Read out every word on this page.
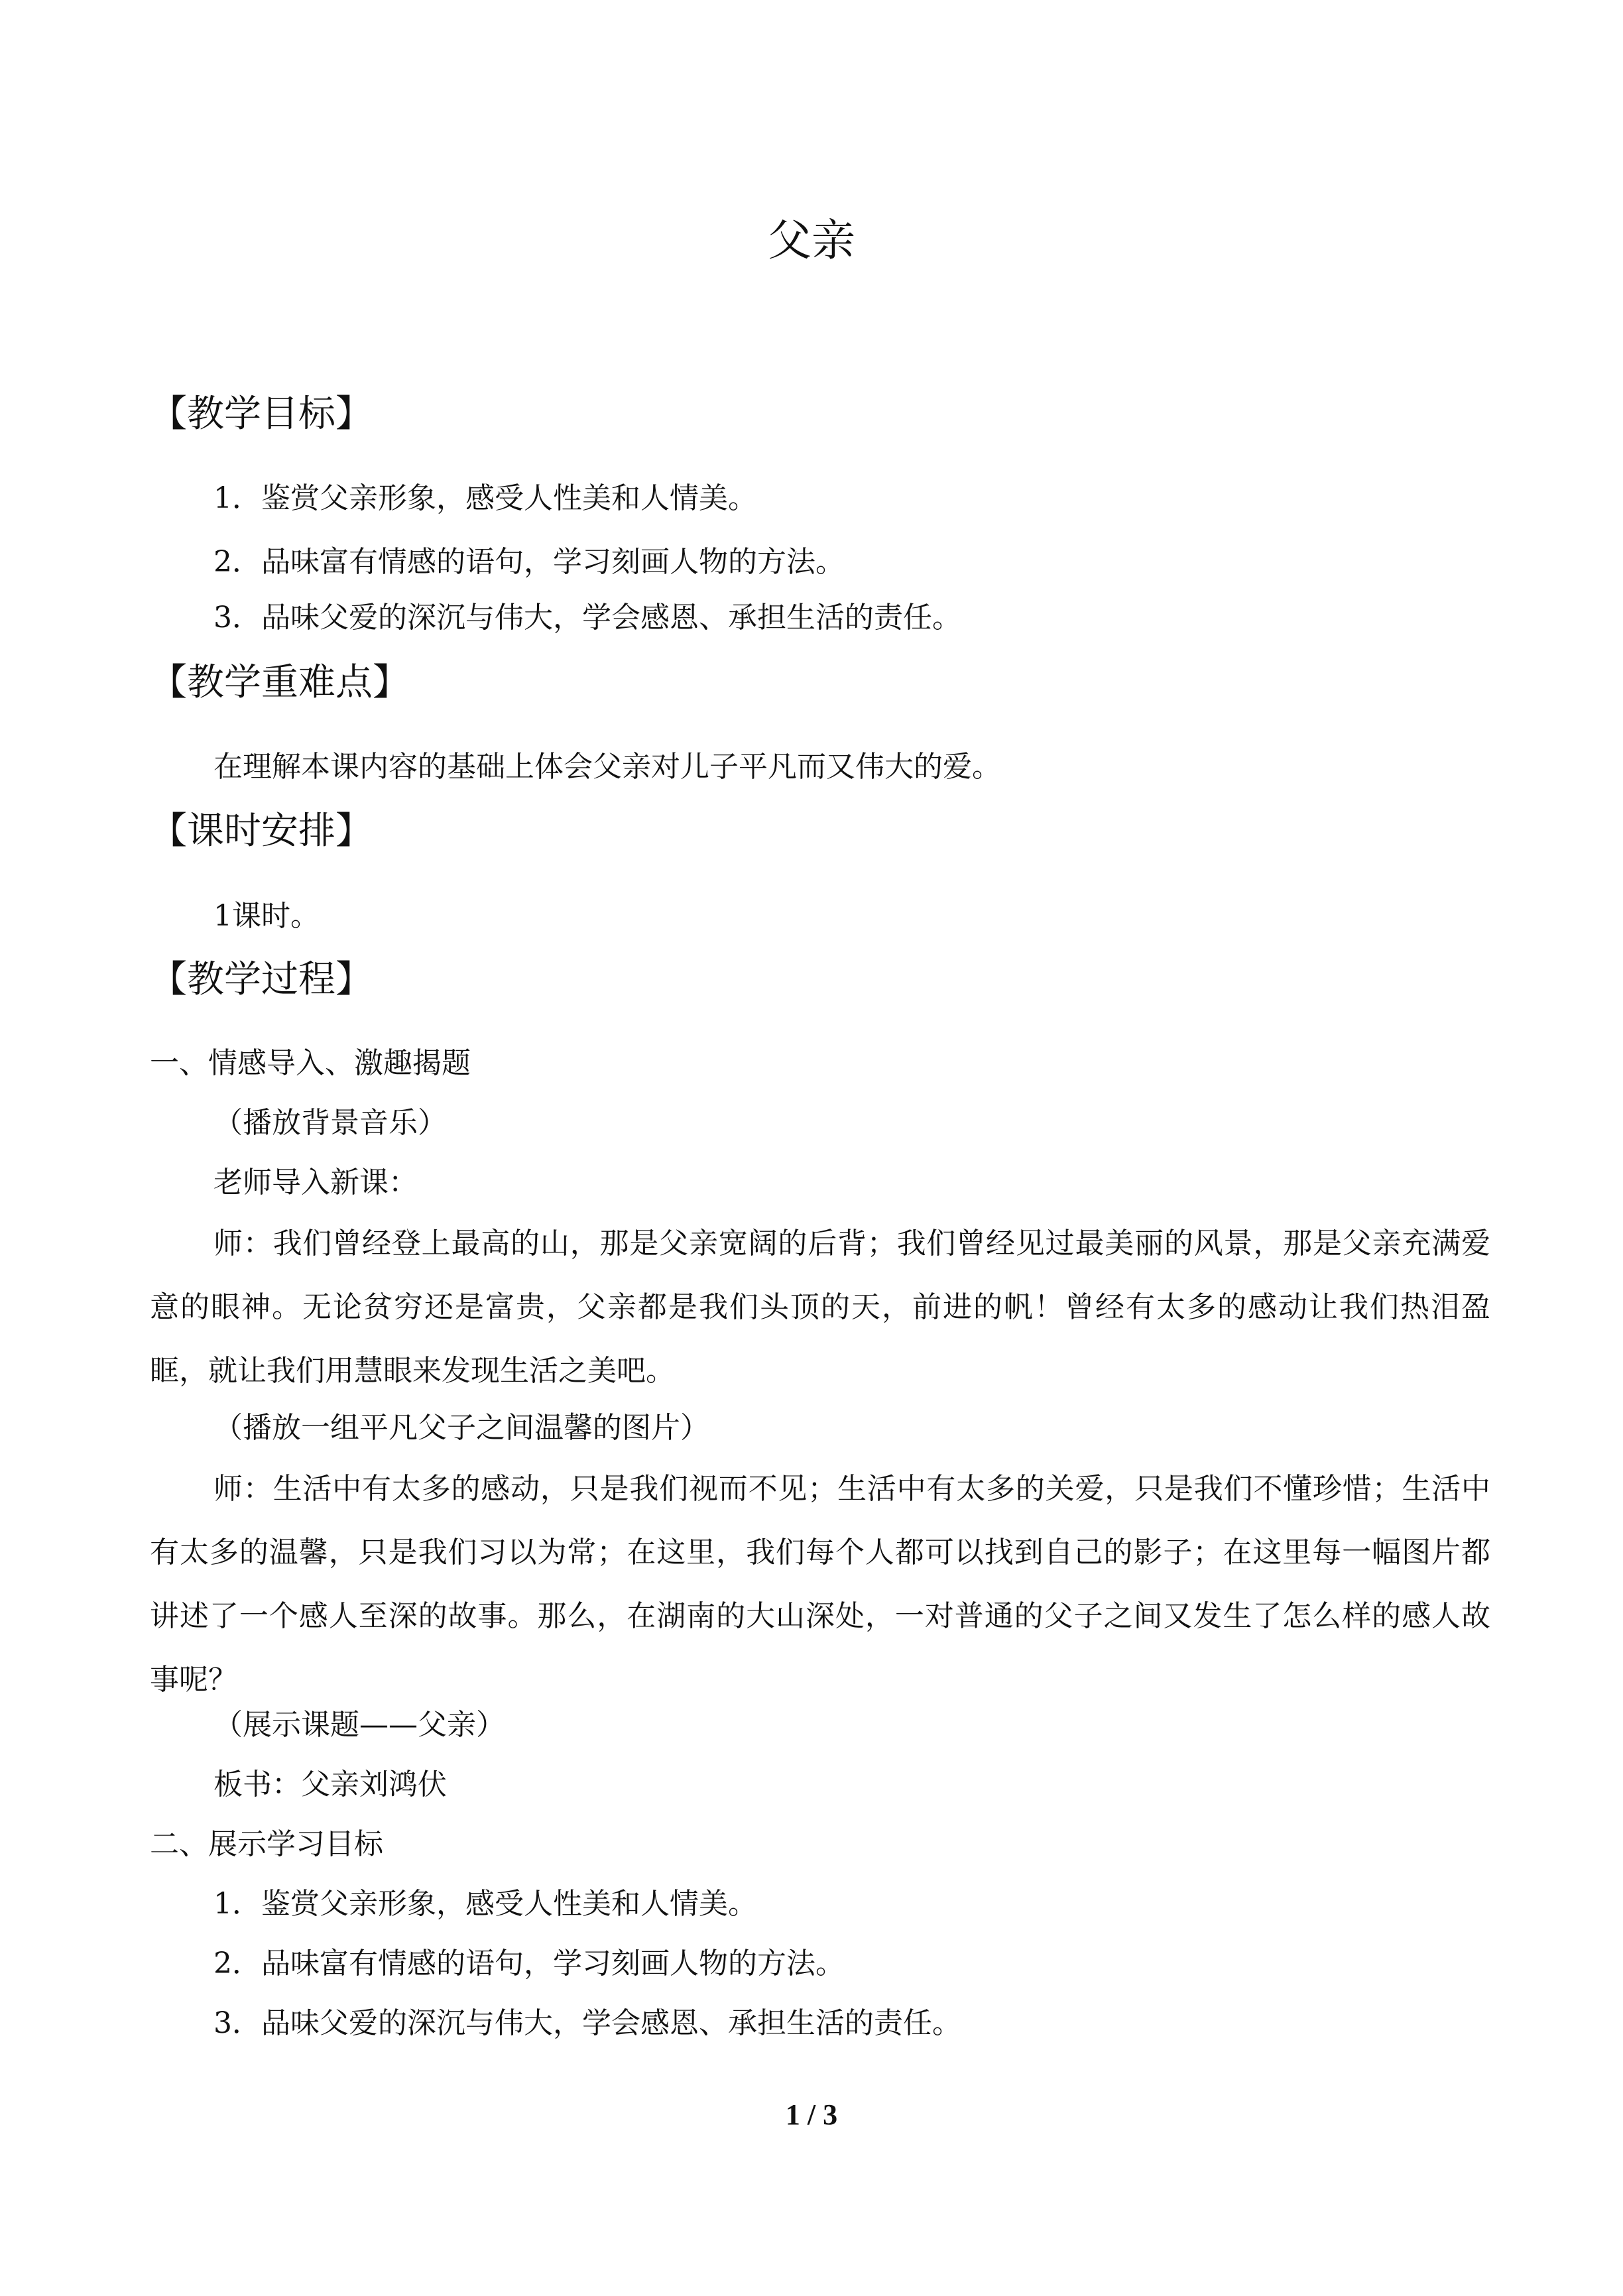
父亲
【教学目标】

1．鉴赏父亲形象，感受人性美和人情美。

2．品味富有情感的语句，学习刻画人物的方法。

3．品味父爱的深沉与伟大，学会感恩、承担生活的责任。

【教学重难点】

在理解本课内容的基础上体会父亲对儿子平凡而又伟大的爱。

【课时安排】

1课时。

【教学过程】

一、情感导入、激趣揭题

（播放背景音乐）

老师导入新课：

师：我们曾经登上最高的山，那是父亲宽阔的后背；我们曾经见过最美丽的风景，那是父亲充满爱意的眼神。无论贫穷还是富贵，父亲都是我们头顶的天，前进的帆！曾经有太多的感动让我们热泪盈眶，就让我们用慧眼来发现生活之美吧。

（播放一组平凡父子之间温馨的图片）

师：生活中有太多的感动，只是我们视而不见；生活中有太多的关爱，只是我们不懂珍惜；生活中有太多的温馨，只是我们习以为常；在这里，我们每个人都可以找到自己的影子；在这里每一幅图片都讲述了一个感人至深的故事。那么，在湖南的大山深处，一对普通的父子之间又发生了怎么样的感人故事呢？

（展示课题——父亲）

板书：父亲刘鸿伏

二、展示学习目标

1．鉴赏父亲形象，感受人性美和人情美。

2．品味富有情感的语句，学习刻画人物的方法。

3．品味父爱的深沉与伟大，学会感恩、承担生活的责任。

1 / 3
